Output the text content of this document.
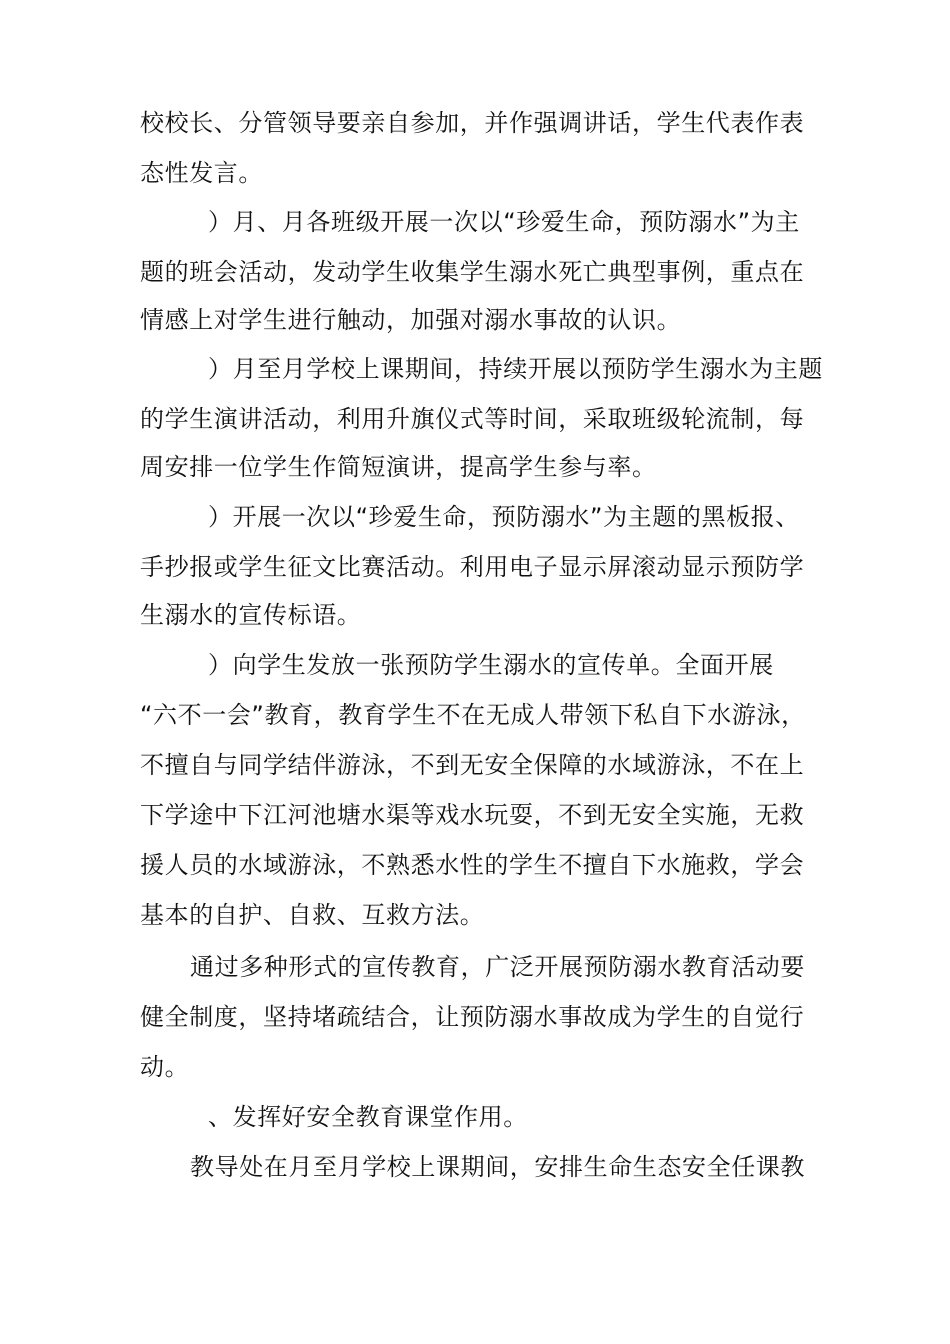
校校长、分管领导要亲自参加，并作强调讲话，学生代表作表
态性发言。
）月、月各班级开展一次以“珍爱生命，预防溺水”为主
题的班会活动，发动学生收集学生溺水死亡典型事例，重点在
情感上对学生进行触动，加强对溺水事故的认识。
）月至月学校上课期间，持续开展以预防学生溺水为主题
的学生演讲活动，利用升旗仪式等时间，采取班级轮流制，每
周安排一位学生作简短演讲，提高学生参与率。
）开展一次以“珍爱生命，预防溺水”为主题的黑板报、
手抄报或学生征文比赛活动。利用电子显示屏滚动显示预防学
生溺水的宣传标语。
）向学生发放一张预防学生溺水的宣传单。全面开展
“六不一会”教育，教育学生不在无成人带领下私自下水游泳，
不擅自与同学结伴游泳，不到无安全保障的水域游泳，不在上
下学途中下江河池塘水渠等戏水玩耍，不到无安全实施，无救
援人员的水域游泳，不熟悉水性的学生不擅自下水施救，学会
基本的自护、自救、互救方法。
通过多种形式的宣传教育，广泛开展预防溺水教育活动要
健全制度，坚持堵疏结合，让预防溺水事故成为学生的自觉行
动。
、发挥好安全教育课堂作用。
教导处在月至月学校上课期间，安排生命生态安全任课教
